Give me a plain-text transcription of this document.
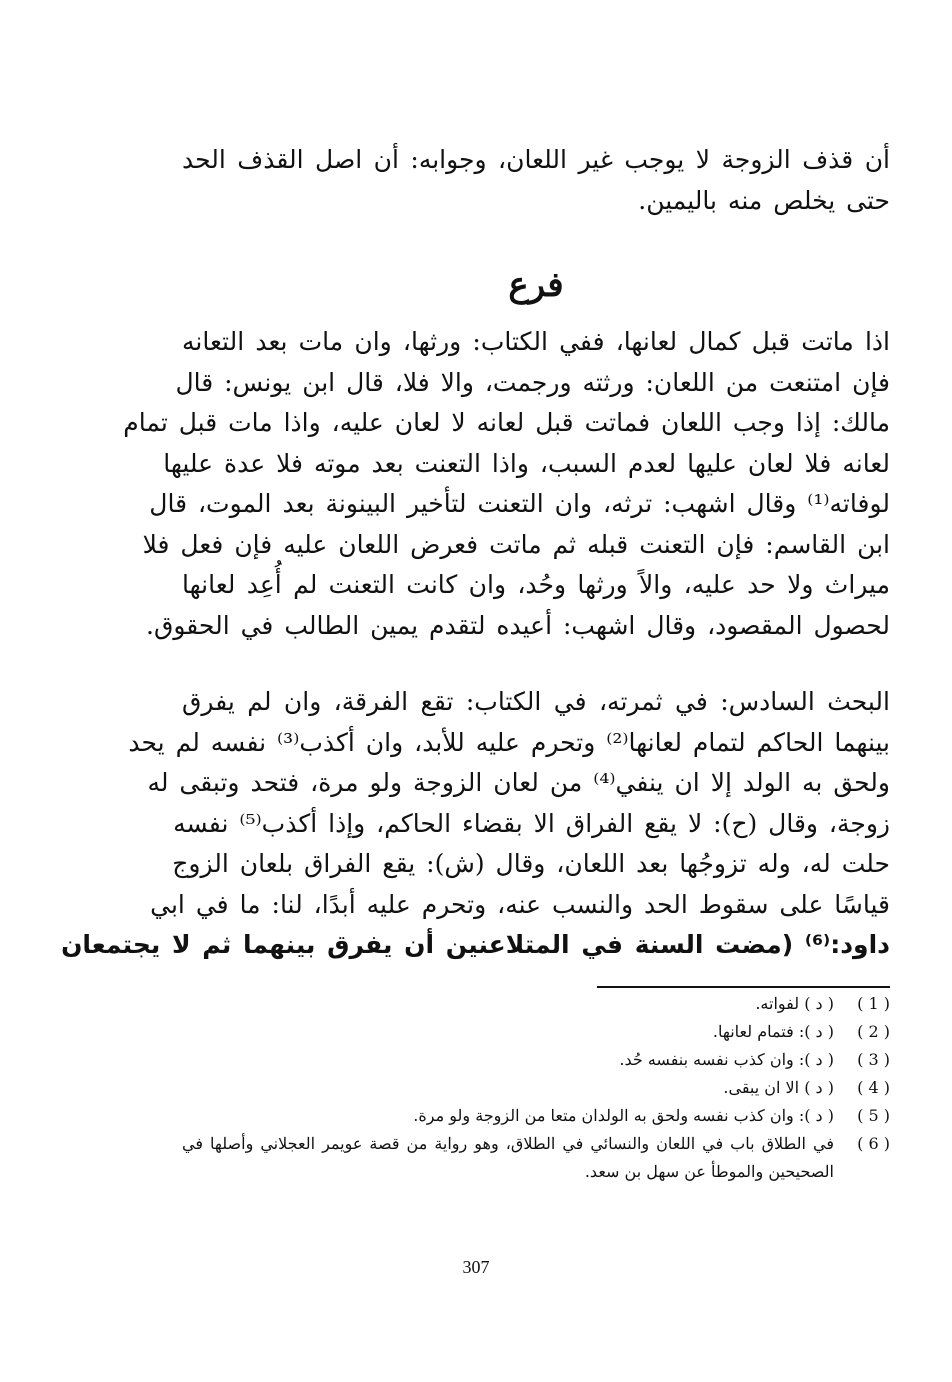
أن قذف الزوجة لا يوجب غير اللعان، وجوابه: أن اصل القذف الحد
حتى يخلص منه باليمين.
فرع
اذا ماتت قبل كمال لعانها، ففي الكتاب: ورثها، وان مات بعد التعانه
فإن امتنعت من اللعان: ورثته ورجمت، والا فلا، قال ابن يونس: قال
مالك: إذا وجب اللعان فماتت قبل لعانه لا لعان عليه، واذا مات قبل تمام
لعانه فلا لعان عليها لعدم السبب، واذا التعنت بعد موته فلا عدة عليها
لوفاته⁽¹⁾ وقال اشهب: ترثه، وان التعنت لتأخير البينونة بعد الموت، قال
ابن القاسم: فإن التعنت قبله ثم ماتت فعرض اللعان عليه فإن فعل فلا
ميراث ولا حد عليه، والاً ورثها وحُد، وان كانت التعنت لم أُعِد لعانها
لحصول المقصود، وقال اشهب: أعيده لتقدم يمين الطالب في الحقوق.
البحث السادس: في ثمرته، في الكتاب: تقع الفرقة، وان لم يفرق
بينهما الحاكم لتمام لعانها⁽²⁾ وتحرم عليه للأبد، وان أكذب⁽³⁾ نفسه لم يحد
ولحق به الولد إلا ان ينفي⁽⁴⁾ من لعان الزوجة ولو مرة، فتحد وتبقى له
زوجة، وقال (ح): لا يقع الفراق الا بقضاء الحاكم، وإذا أكذب⁽⁵⁾ نفسه
حلت له، وله تزوجُها بعد اللعان، وقال (ش): يقع الفراق بلعان الزوج
قياسًا على سقوط الحد والنسب عنه، وتحرم عليه أبدًا، لنا: ما في ابي
داود:⁽⁶⁾ (مضت السنة في المتلاعنين أن يفرق بينهما ثم لا يجتمعان
( 1 )
( د ) لفواته.
( 2 )
( د ): فتمام لعانها.
( 3 )
( د ): وان كذب نفسه بنفسه حُد.
( 4 )
( د ) الا ان يبقى.
( 5 )
( د ): وان كذب نفسه ولحق به الولدان متعا من الزوجة ولو مرة.
( 6 )
في الطلاق باب في اللعان والنسائي في الطلاق، وهو رواية من قصة عويمر العجلاني وأصلها في الصحيحين والموطأ عن سهل بن سعد.
307
